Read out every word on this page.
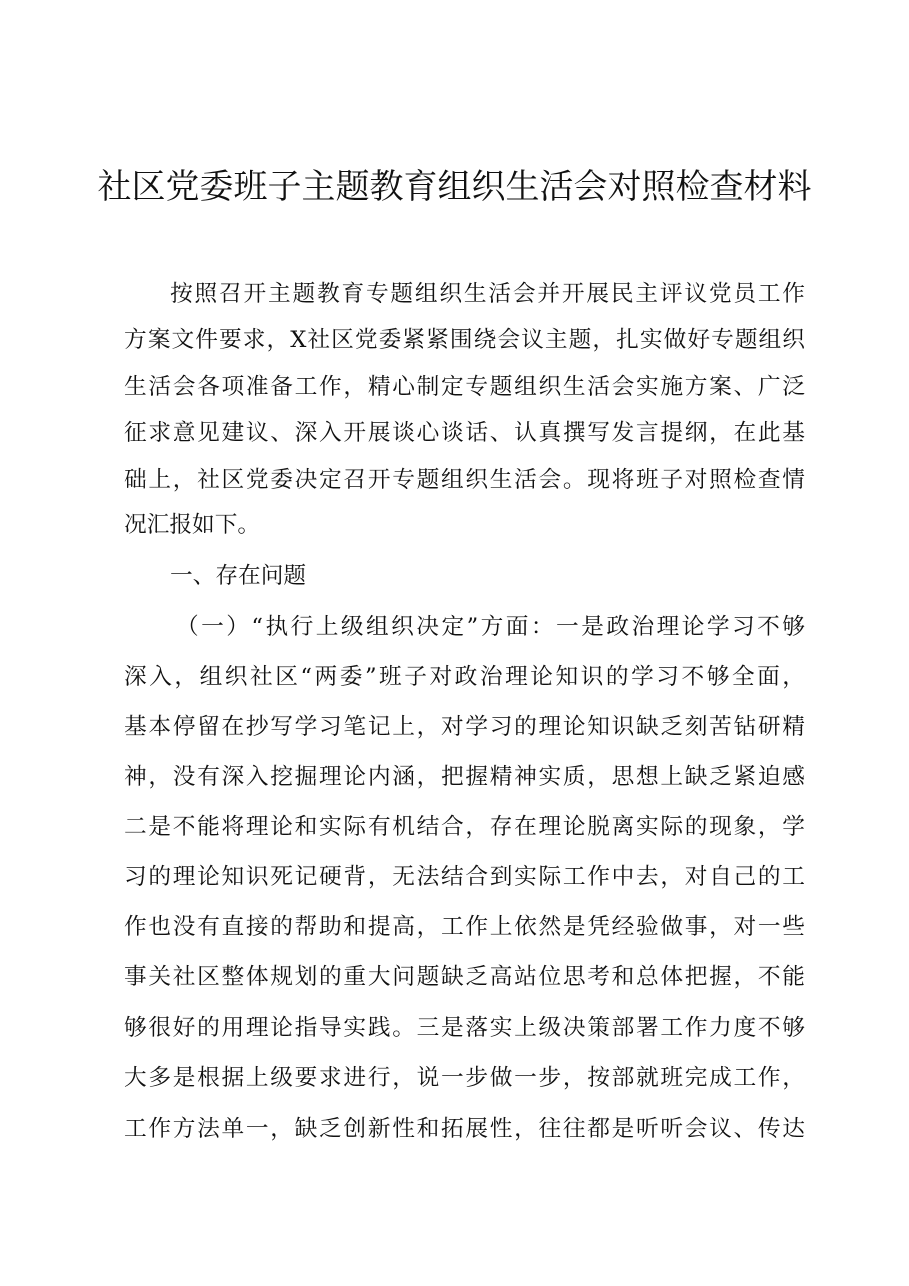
社区党委班子主题教育组织生活会对照检查材料
按照召开主题教育专题组织生活会并开展民主评议党员工作
方案文件要求，X社区党委紧紧围绕会议主题，扎实做好专题组织
生活会各项准备工作，精心制定专题组织生活会实施方案、广泛
征求意见建议、深入开展谈心谈话、认真撰写发言提纲，在此基
础上，社区党委决定召开专题组织生活会。现将班子对照检查情
况汇报如下。
一、存在问题
（一）“执行上级组织决定”方面：一是政治理论学习不够
深入，组织社区“两委”班子对政治理论知识的学习不够全面，
基本停留在抄写学习笔记上，对学习的理论知识缺乏刻苦钻研精
神，没有深入挖掘理论内涵，把握精神实质，思想上缺乏紧迫感
二是不能将理论和实际有机结合，存在理论脱离实际的现象，学
习的理论知识死记硬背，无法结合到实际工作中去，对自己的工
作也没有直接的帮助和提高，工作上依然是凭经验做事，对一些
事关社区整体规划的重大问题缺乏高站位思考和总体把握，不能
够很好的用理论指导实践。三是落实上级决策部署工作力度不够
大多是根据上级要求进行，说一步做一步，按部就班完成工作，
工作方法单一，缺乏创新性和拓展性，往往都是听听会议、传达
